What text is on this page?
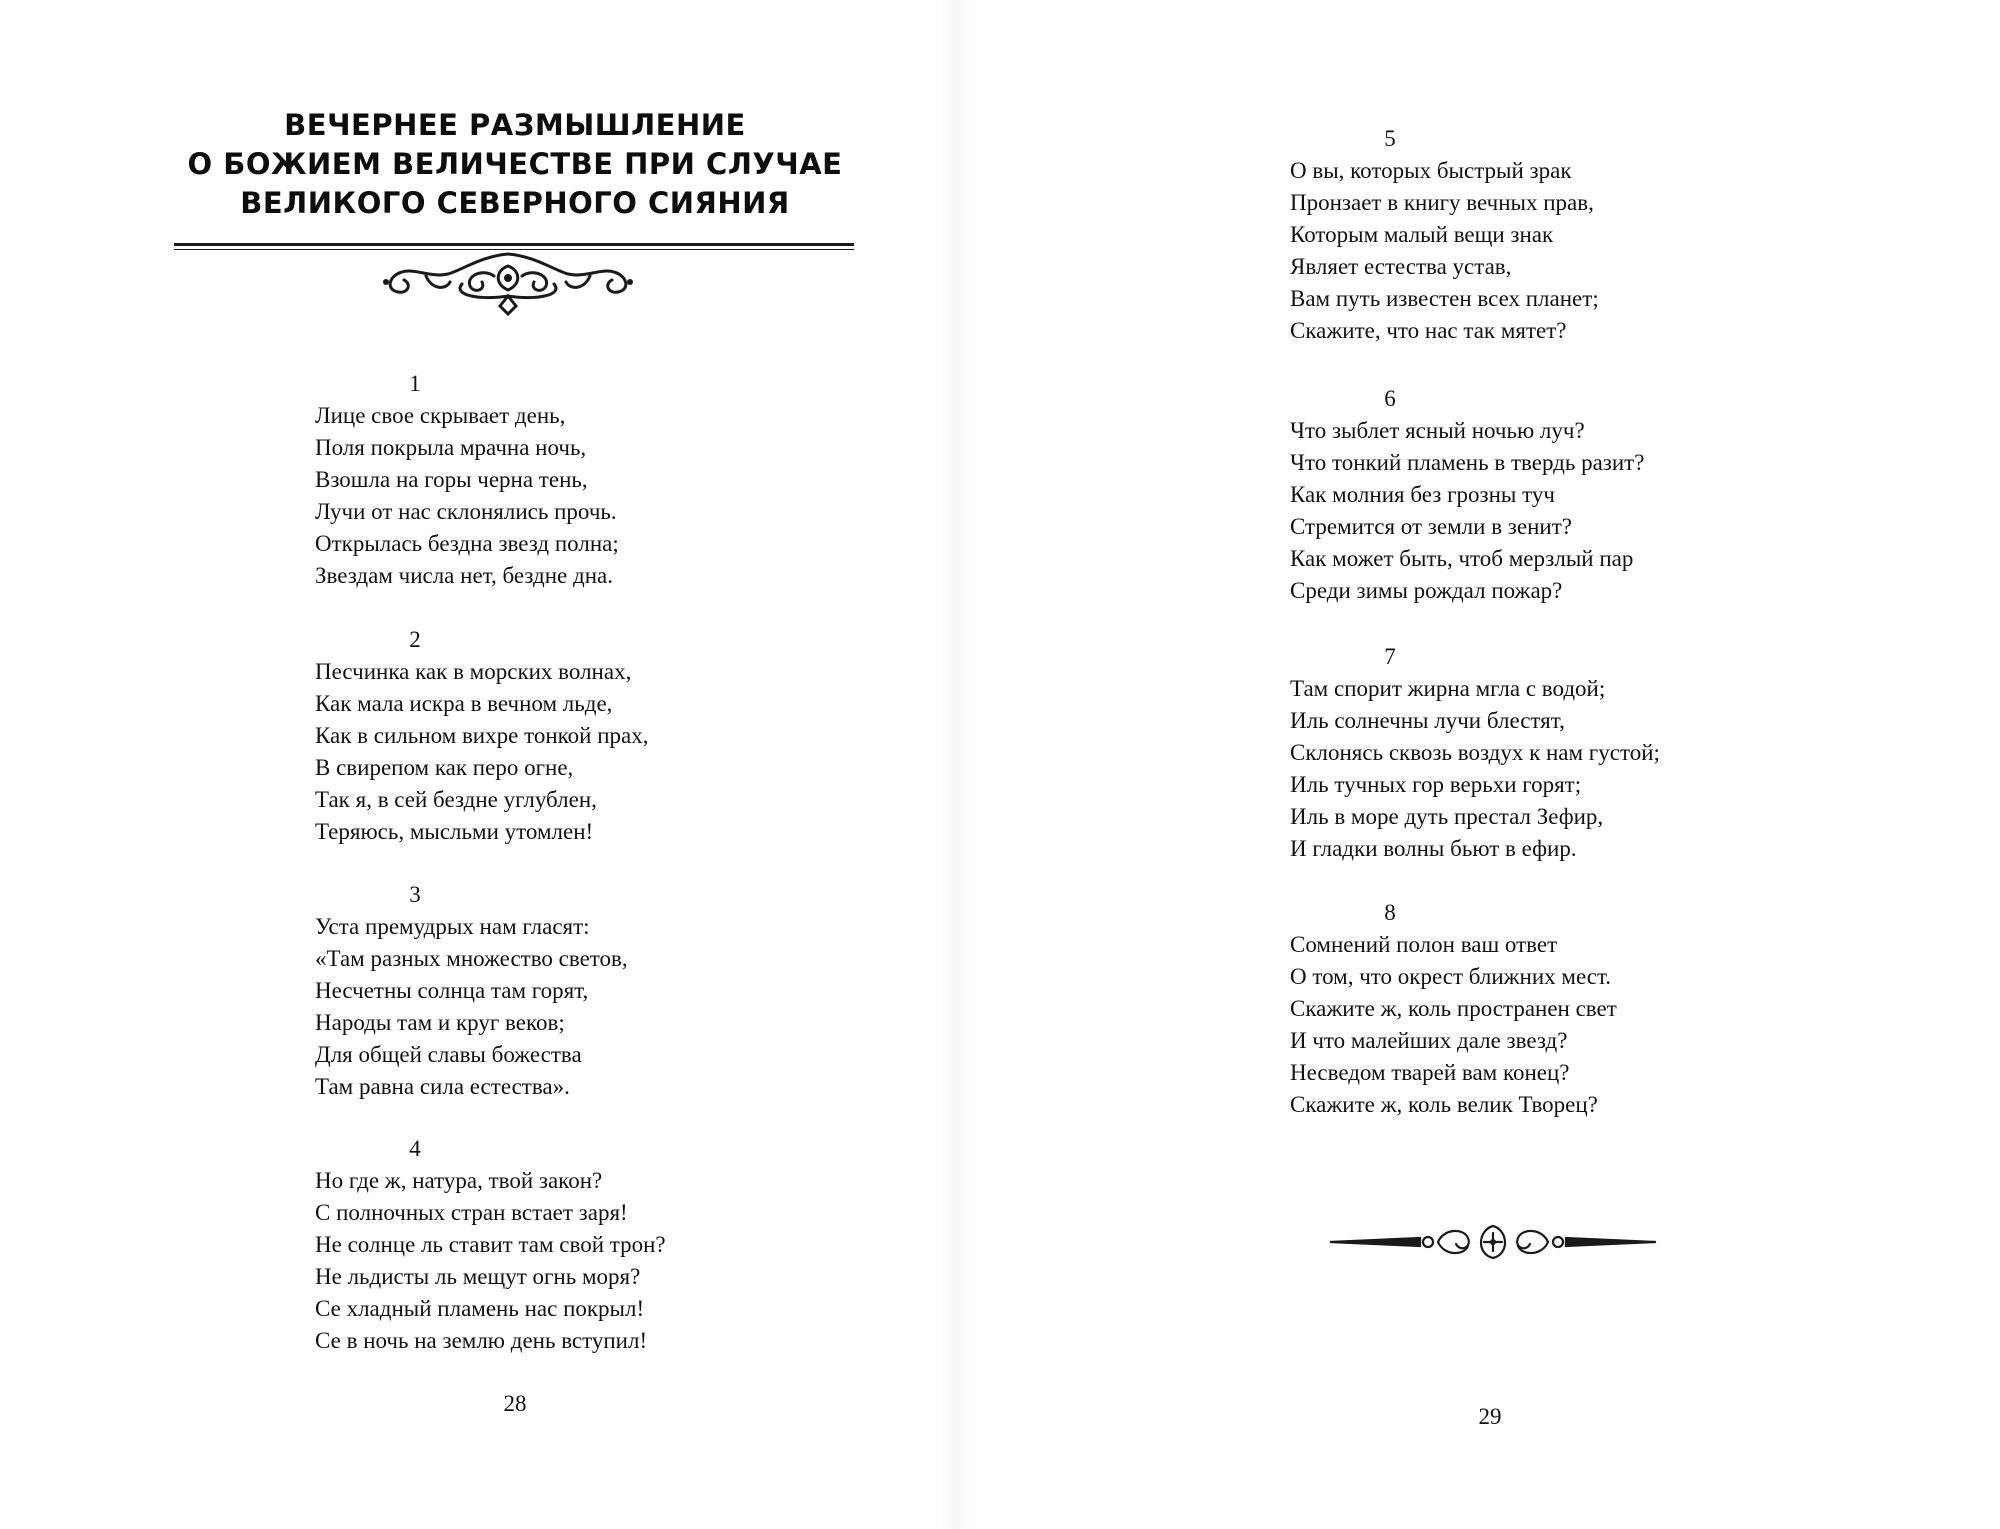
ВЕЧЕРНЕЕ РАЗМЫШЛЕНИЕ
О БОЖИЕМ ВЕЛИЧЕСТВЕ ПРИ СЛУЧАЕ
ВЕЛИКОГО СЕВЕРНОГО СИЯНИЯ
1
Лице свое скрывает день,
Поля покрыла мрачна ночь,
Взошла на горы черна тень,
Лучи от нас склонялись прочь.
Открылась бездна звезд полна;
Звездам числа нет, бездне дна.
2
Песчинка как в морских волнах,
Как мала искра в вечном льде,
Как в сильном вихре тонкой прах,
В свирепом как перо огне,
Так я, в сей бездне углублен,
Теряюсь, мысльми утомлен!
3
Уста премудрых нам гласят:
«Там разных множество светов,
Несчетны солнца там горят,
Народы там и круг веков;
Для общей славы божества
Там равна сила естества».
4
Но где ж, натура, твой закон?
С полночных стран встает заря!
Не солнце ль ставит там свой трон?
Не льдисты ль мещут огнь моря?
Се хладный пламень нас покрыл!
Се в ночь на землю день вступил!
28
5
О вы, которых быстрый зрак
Пронзает в книгу вечных прав,
Которым малый вещи знак
Являет естества устав,
Вам путь известен всех планет;
Скажите, что нас так мятет?
6
Что зыблет ясный ночью луч?
Что тонкий пламень в твердь разит?
Как молния без грозны туч
Стремится от земли в зенит?
Как может быть, чтоб мерзлый пар
Среди зимы рождал пожар?
7
Там спорит жирна мгла с водой;
Иль солнечны лучи блестят,
Склонясь сквозь воздух к нам густой;
Иль тучных гор верьхи горят;
Иль в море дуть престал Зефир,
И гладки волны бьют в ефир.
8
Сомнений полон ваш ответ
О том, что окрест ближних мест.
Скажите ж, коль пространен свет
И что малейших дале звезд?
Несведом тварей вам конец?
Скажите ж, коль велик Творец?
29
